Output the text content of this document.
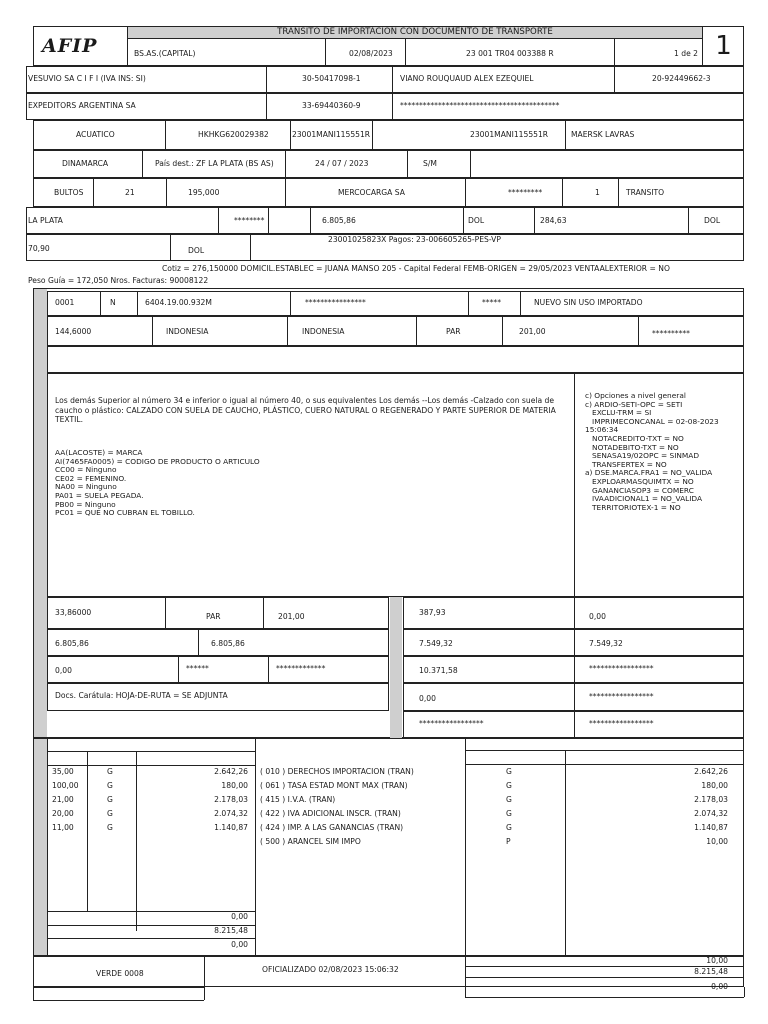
AFIP
TRANSITO DE IMPORTACION CON DOCUMENTO DE TRANSPORTE
BS.AS.(CAPITAL)	02/08/2023	23 001 TR04 003388 R	1 de 2 1
VESUVIO SA C I F I (IVA INS: SI)	30-50417098-1	VIANO ROUQUAUD ALEX EZEQUIEL	20-92449662-3
EXPEDITORS ARGENTINA SA	33-69440360-9	******************************************
ACUATICO	HKHKG620029382	23001MANI115551R	23001MANI115551R	MAERSK LAVRAS
DINAMARCA	País dest.: ZF LA PLATA (BS AS)	24 / 07 / 2023	S/M
BULTOS	21	195,000	MERCOCARGA SA	*********	1	TRANSITO
LA PLATA	********	6.805,86	DOL	284,63	DOL
70,90	DOL
23001025823X Pagos: 23-006605265-PES-VP
Cotiz = 276,150000 DOMICIL.ESTABLEC = JUANA MANSO 205 - Capital Federal FEMB-ORIGEN = 29/05/2023 VENTAALEXTERIOR = NO
Peso Guía = 172,050 Nros. Facturas: 90008122
0001	N	6404.19.00.932M	****************	*****	NUEVO SIN USO IMPORTADO
144,6000	INDONESIA	INDONESIA	PAR	201,00	**********
Los demás Superior al número 34 e inferior o igual al número 40, o sus equivalentes Los demás --Los demás -Calzado con suela de caucho o plástico: CALZADO CON SUELA DE CAUCHO, PLÁSTICO, CUERO NATURAL O REGENERADO Y PARTE SUPERIOR DE MATERIA TEXTIL.
AA(LACOSTE) = MARCA
AI(7465FA0005) = CODIGO DE PRODUCTO O ARTICULO
CC00 = Ninguno
CE02 = FEMENINO.
NA00 = Ninguno
PA01 = SUELA PEGADA.
PB00 = Ninguno
PC01 = QUE NO CUBRAN EL TOBILLO.
c) Opciones a nivel general
c) ARDIO-SETI-OPC = SETI
EXCLU-TRM = SI
IMPRIMECONCANAL = 02-08-2023
15:06:34
NOTACREDITO-TXT = NO
NOTADEBITO-TXT = NO
SENASA19/02OPC = SINMAD
TRANSFERTEX = NO
a) DSE.MARCA.FRA1 = NO_VALIDA
EXPLOARMASQUIMTX = NO
GANANCIASOP3 = COMERC
IVAADICIONAL1 = NO_VALIDA
TERRITORIOTEX-1 = NO
33,86000	PAR	201,00	387,93	0,00
6.805,86	6.805,86	7.549,32	7.549,32
0,00	******	*************	10.371,58	*****************
Docs. Carátula: HOJA-DE-RUTA = SE ADJUNTA	0,00	*****************
*****************	*****************
35,00	G	2.642,26
100,00	G	180,00
21,00	G	2.178,03
20,00	G	2.074,32
11,00	G	1.140,87
( 010 ) DERECHOS IMPORTACION (TRAN)	G	2.642,26
( 061 ) TASA ESTAD MONT MAX (TRAN)	G	180,00
( 415 ) I.V.A. (TRAN)	G	2.178,03
( 422 ) IVA ADICIONAL INSCR. (TRAN)	G	2.074,32
( 424 ) IMP. A LAS GANANCIAS (TRAN)	G	1.140,87
( 500 ) ARANCEL SIM IMPO	P	10,00
0,00
8.215,48
0,00
VERDE 0008	OFICIALIZADO 02/08/2023 15:06:32
10,00
8.215,48
0,00
